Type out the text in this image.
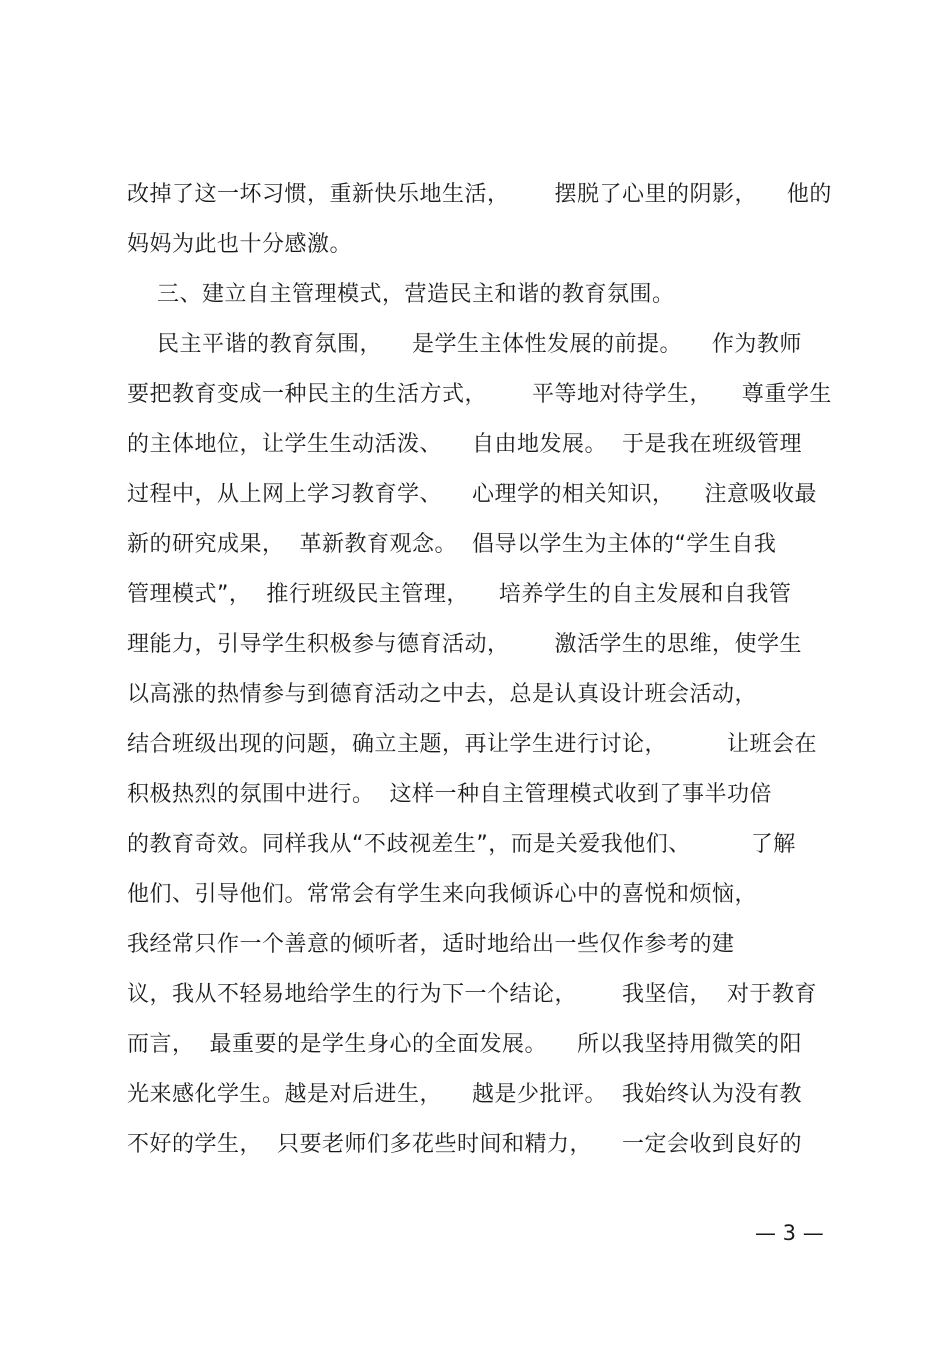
改掉了这一坏习惯，重新快乐地生活，      摆脱了心里的阴影，    他的
妈妈为此也十分感激。
三、建立自主管理模式，营造民主和谐的教育氛围。
民主平谐的教育氛围，    是学生主体性发展的前提。    作为教师
要把教育变成一种民主的生活方式，      平等地对待学生，    尊重学生
的主体地位，让学生生动活泼、    自由地发展。  于是我在班级管理
过程中，从上网上学习教育学、    心理学的相关知识，    注意吸收最
新的研究成果，  革新教育观念。  倡导以学生为主体的“学生自我
管理模式”，  推行班级民主管理，    培养学生的自主发展和自我管
理能力，引导学生积极参与德育活动，      激活学生的思维，使学生
以高涨的热情参与到德育活动之中去，总是认真设计班会活动，
结合班级出现的问题，确立主题，再让学生进行讨论，        让班会在
积极热烈的氛围中进行。  这样一种自主管理模式收到了事半功倍
的教育奇效。同样我从“不歧视差生”，而是关爱我他们、        了解
他们、引导他们。常常会有学生来向我倾诉心中的喜悦和烦恼，
我经常只作一个善意的倾听者，适时地给出一些仅作参考的建
议，我从不轻易地给学生的行为下一个结论，      我坚信，  对于教育
而言，  最重要的是学生身心的全面发展。    所以我坚持用微笑的阳
光来感化学生。越是对后进生，    越是少批评。  我始终认为没有教
不好的学生，  只要老师们多花些时间和精力，    一定会收到良好的
— 3 —
